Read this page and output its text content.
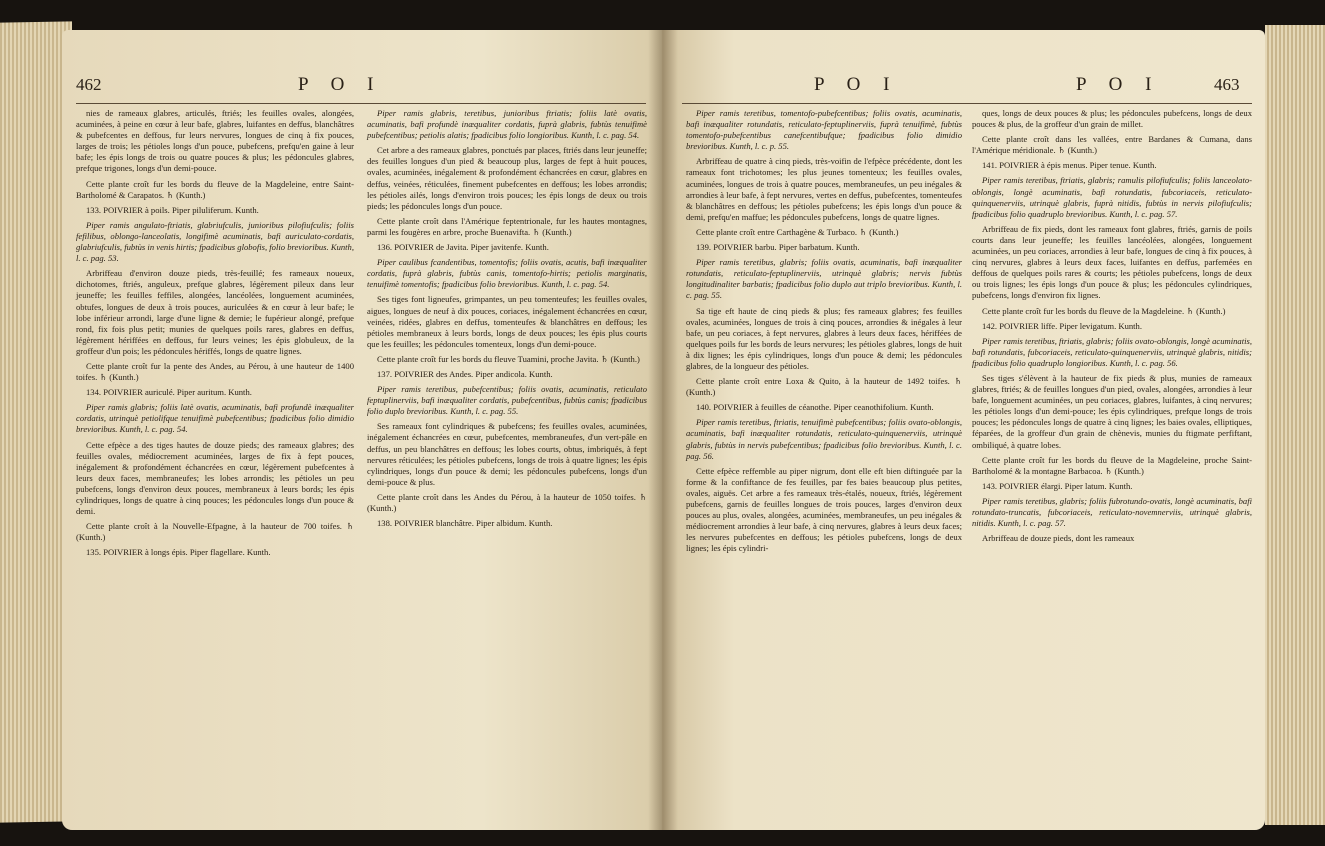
462	P O I

nies de rameaux glabres, articulés, ftriés; les feuilles ovales, alongées, acuminées, à peine en cœur à leur bafe, glabres, luifantes en deffus, blanchâtres & pubefcentes en deffous, fur leurs nervures, longues de cinq à fix pouces, larges de trois; les pétioles longs d'un pouce, pubefcens, prefqu'en gaine à leur bafe; les épis longs de trois ou quatre pouces & plus; les pédoncules glabres, prefque trigones, longs d'un demi-pouce.

Cette plante croît fur les bords du fleuve de la Magdeleine, entre Saint-Bartholomé & Carapatos. ♄ (Kunth.)

133. POIVRIER à poils. Piper piluliferum. Kunth.

Piper ramis angulato-ftriatis, glabriufculis, junioribus pilofiufculis; foliis fefilibus, oblongo-lanceolatis, longifimè acuminatis, bafi auriculato-cordatis, glabriufculis, fubtùs in venis hirtis; fpadicibus globofis, folio brevioribus. Kunth, l. c. pag. 53.

Arbriffeau d'environ douze pieds, très-feuillé; fes rameaux noueux, dichotomes, ftriés, anguleux, prefque glabres, légèrement pileux dans leur jeuneffe; les feuilles feffiles, alongées, lancéolées, longuement acuminées, obtufes, longues de deux à trois pouces, auriculées & en cœur à leur bafe; le lobe inférieur arrondi, large d'une ligne & demie; le fupérieur alongé, prefque rond, fix fois plus petit; munies de quelques poils rares, glabres en deffus, légèrement hériffées en deffous, fur leurs veines; les épis globuleux, de la groffeur d'un pois; les pédoncules hériffés, longs de quatre lignes.

Cette plante croît fur la pente des Andes, au Pérou, à une hauteur de 1400 toifes. ♄ (Kunth.)

134. POIVRIER auriculé. Piper auritum. Kunth.

Piper ramis glabris; foliis latè ovatis, acuminatis, bafi profundè inæqualiter cordatis, utrinquè petiolifque tenuifimè pubefcentibus; fpadicibus folio dimidio brevioribus. Kunth, l. c. pag. 54.

Cette efpèce a des tiges hautes de douze pieds; des rameaux glabres; des feuilles ovales, médiocrement acuminées, larges de fix à fept pouces, inégalement & profondément échancrées en cœur, légèrement pubefcentes à leurs deux faces, membraneufes; les lobes arrondis; les pétioles un peu pubefcens, longs d'environ deux pouces, membraneux à leurs bords; les épis cylindriques, longs de quatre à cinq pouces; les pédoncules longs d'un pouce & demi.

Cette plante croît à la Nouvelle-Efpagne, à la hauteur de 700 toifes. ♄ (Kunth.)

135. POIVRIER à longs épis. Piper flagellare. Kunth.

Piper ramis glabris, teretibus, junioribus ftriatis; foliis latè ovatis, acuminatis, bafi profundè inæqualiter cordatis, fuprà glabris, fubtùs tenuifimè pubefcentibus; petiolis alatis; fpadicibus folio longioribus. Kunth, l. c. pag. 54.

Cet arbre a des rameaux glabres, ponctués par places, ftriés dans leur jeuneffe; des feuilles longues d'un pied & beaucoup plus, larges de fept à huit pouces, ovales, acuminées, inégalement & profondément échancrées en cœur, glabres en deffus, veinées, réticulées, finement pubefcentes en deffous; les lobes arrondis; les pétioles ailés, longs d'environ trois pouces; les épis longs de deux ou trois pieds; les pédoncules longs d'un pouce.

Cette plante croît dans l'Amérique feptentrionale, fur les hautes montagnes, parmi les fougères en arbre, proche Buenavifta. ♄ (Kunth.)

136. POIVRIER de Javita. Piper javitenfe. Kunth.

Piper caulibus fcandentibus, tomentofis; foliis ovatis, acutis, bafi inæqualiter cordatis, fuprà glabris, fubtùs canis, tomentofo-hirtis; petiolis marginatis, tenuifimè tomentofis; fpadicibus folio brevioribus. Kunth, l. c. pag. 54.

Ses tiges font ligneufes, grimpantes, un peu tomenteufes; les feuilles ovales, aigues, longues de neuf à dix pouces, coriaces, inégalement échancrées en cœur, veinées, ridées, glabres en deffus, tomenteufes & blanchâtres en deffous; les pétioles membraneux à leurs bords, longs de deux pouces; les épis plus courts que les feuilles; les pédoncules tomenteux, longs d'un demi-pouce.

Cette plante croît fur les bords du fleuve Tuamini, proche Javita. ♄ (Kunth.)

137. POIVRIER des Andes. Piper andicola. Kunth.

Piper ramis teretibus, pubefcentibus; foliis ovatis, acuminatis, reticulato feptuplinerviis, bafi inæqualiter cordatis, pubefcentibus, fubtùs canis; fpadicibus folio duplo brevioribus. Kunth, l. c. pag. 55.

Ses rameaux font cylindriques & pubefcens; fes feuilles ovales, acuminées, inégalement échancrées en cœur, pubefcentes, membraneufes, d'un vert-pâle en deffus, un peu blanchâtres en deffous; les lobes courts, obtus, imbriqués, à fept nervures réticulées; les pétioles pubefcens, longs de trois à quatre lignes; les épis cylindriques, longs d'un pouce & demi; les pédoncules pubefcens, longs d'un demi-pouce & plus.

Cette plante croît dans les Andes du Pérou, à la hauteur de 1050 toifes. ♄ (Kunth.)

138. POIVRIER blanchâtre. Piper albidum. Kunth.

P O I	P O I	463

Piper ramis teretibus, tomentofo-pubefcentibus; foliis ovatis, acuminatis, bafi inæqualiter rotundatis, reticulato-feptuplinerviis, fuprà tenuifimè, fubtùs tomentofo-pubefcentibus canefcentibufque; fpadicibus folio dimidio brevioribus. Kunth, l. c. p. 55.

Arbriffeau de quatre à cinq pieds, très-voifin de l'efpèce précédente, dont les rameaux font trichotomes; les plus jeunes tomenteux; les feuilles ovales, acuminées, longues de trois à quatre pouces, membraneufes, un peu inégales & arrondies à leur bafe, à fept nervures, vertes en deffus, pubefcentes, tomenteufes & blanchâtres en deffous; les pétioles pubefcens; les épis longs d'un pouce & demi, prefqu'en maffue; les pédoncules pubefcens, longs de quatre lignes.

Cette plante croît entre Carthagène & Turbaco. ♄ (Kunth.)

139. POIVRIER barbu. Piper barbatum. Kunth.

Piper ramis teretibus, glabris; foliis ovatis, acuminatis, bafi inæqualiter rotundatis, reticulato-feptuplinerviis, utrinquè glabris; nervis fubtùs longitudinaliter barbatis; fpadicibus folio duplo aut triplo brevioribus. Kunth, l. c. pag. 55.

Sa tige eft haute de cinq pieds & plus; fes rameaux glabres; fes feuilles ovales, acuminées, longues de trois à cinq pouces, arrondies & inégales à leur bafe, un peu coriaces, à fept nervures, glabres à leurs deux faces, hériffées de quelques poils fur les bords de leurs nervures; les pétioles glabres, longs de huit à dix lignes; les épis cylindriques, longs d'un pouce & demi; les pédoncules glabres, de la longueur des pétioles.

Cette plante croît entre Loxa & Quito, à la hauteur de 1492 toifes. ♄ (Kunth.)

140. POIVRIER à feuilles de céanothe. Piper ceanothifolium. Kunth.

Piper ramis teretibus, ftriatis, tenuifimè pubefcentibus; foliis ovato-oblongis, acuminatis, bafi inæqualiter rotundatis, reticulato-quinquenerviis, utrinquè glabris, fubtùs in nervis pubefcentibus; fpadicibus folio brevioribus. Kunth, l. c. pag. 56.

Cette efpèce reffemble au piper nigrum, dont elle eft bien diftinguée par la forme & la confiftance de fes feuilles, par fes baies beaucoup plus petites, ovales, aiguës. Cet arbre a fes rameaux très-étalés, noueux, ftriés, légèrement pubefcens, garnis de feuilles longues de trois pouces, larges d'environ deux pouces au plus, ovales, alongées, acuminées, membraneufes, un peu inégales & médiocrement arrondies à leur bafe, à cinq nervures, glabres à leurs deux faces; les nervures pubefcentes en deffous; les pétioles pubefcens, longs de deux lignes; les épis cylindri-

ques, longs de deux pouces & plus; les pédoncules pubefcens, longs de deux pouces & plus, de la groffeur d'un grain de millet.

Cette plante croît dans les vallées, entre Bardanes & Cumana, dans l'Amérique méridionale. ♄ (Kunth.)

141. POIVRIER à épis menus. Piper tenue. Kunth.

Piper ramis teretibus, ftriatis, glabris; ramulis pilofiufculis; foliis lanceolato-oblongis, longè acuminatis, bafi rotundatis, fubcoriaceis, reticulato-quinquenerviis, utrinquè glabris, fuprà nitidis, fubtùs in nervis pilofiufculis; fpadicibus folio quadruplo brevioribus. Kunth, l. c. pag. 57.

Arbriffeau de fix pieds, dont les rameaux font glabres, ftriés, garnis de poils courts dans leur jeuneffe; les feuilles lancéolées, alongées, longuement acuminées, un peu coriaces, arrondies à leur bafe, longues de cinq à fix pouces, à cinq nervures, glabres à leurs deux faces, luifantes en deffus, parfemées en deffous de quelques poils rares & courts; les pétioles pubefcens, longs de deux ou trois lignes; les épis longs d'un pouce & plus; les pédoncules cylindriques, pubefcens, longs d'environ fix lignes.

Cette plante croît fur les bords du fleuve de la Magdeleine. ♄ (Kunth.)

142. POIVRIER liffe. Piper levigatum. Kunth.

Piper ramis teretibus, ftriatis, glabris; foliis ovato-oblongis, longè acuminatis, bafi rotundatis, fubcoriaceis, reticulato-quinquenerviis, utrinquè glabris, nitidis; fpadicibus folio quadruplo longioribus. Kunth, l. c. pag. 56.

Ses tiges s'élèvent à la hauteur de fix pieds & plus, munies de rameaux glabres, ftriés; & de feuilles longues d'un pied, ovales, alongées, arrondies à leur bafe, longuement acuminées, un peu coriaces, glabres, luifantes, à cinq nervures; les pétioles longs d'un demi-pouce; les épis cylindriques, prefque longs de trois pouces; les pédoncules longs de quatre à cinq lignes; les baies ovales, elliptiques, féparées, de la groffeur d'un grain de chènevis, munies du ftigmate perfiftant, ombiliqué, à quatre lobes.

Cette plante croît fur les bords du fleuve de la Magdeleine, proche Saint-Bartholomé & la montagne Barbacoa. ♄ (Kunth.)

143. POIVRIER élargi. Piper latum. Kunth.

Piper ramis teretibus, glabris; foliis fubrotundo-ovatis, longè acuminatis, bafi rotundato-truncatis, fubcoriaceis, reticulato-novemnerviis, utrinquè glabris, nitidis. Kunth, l. c. pag. 57.

Arbriffeau de douze pieds, dont les rameaux
